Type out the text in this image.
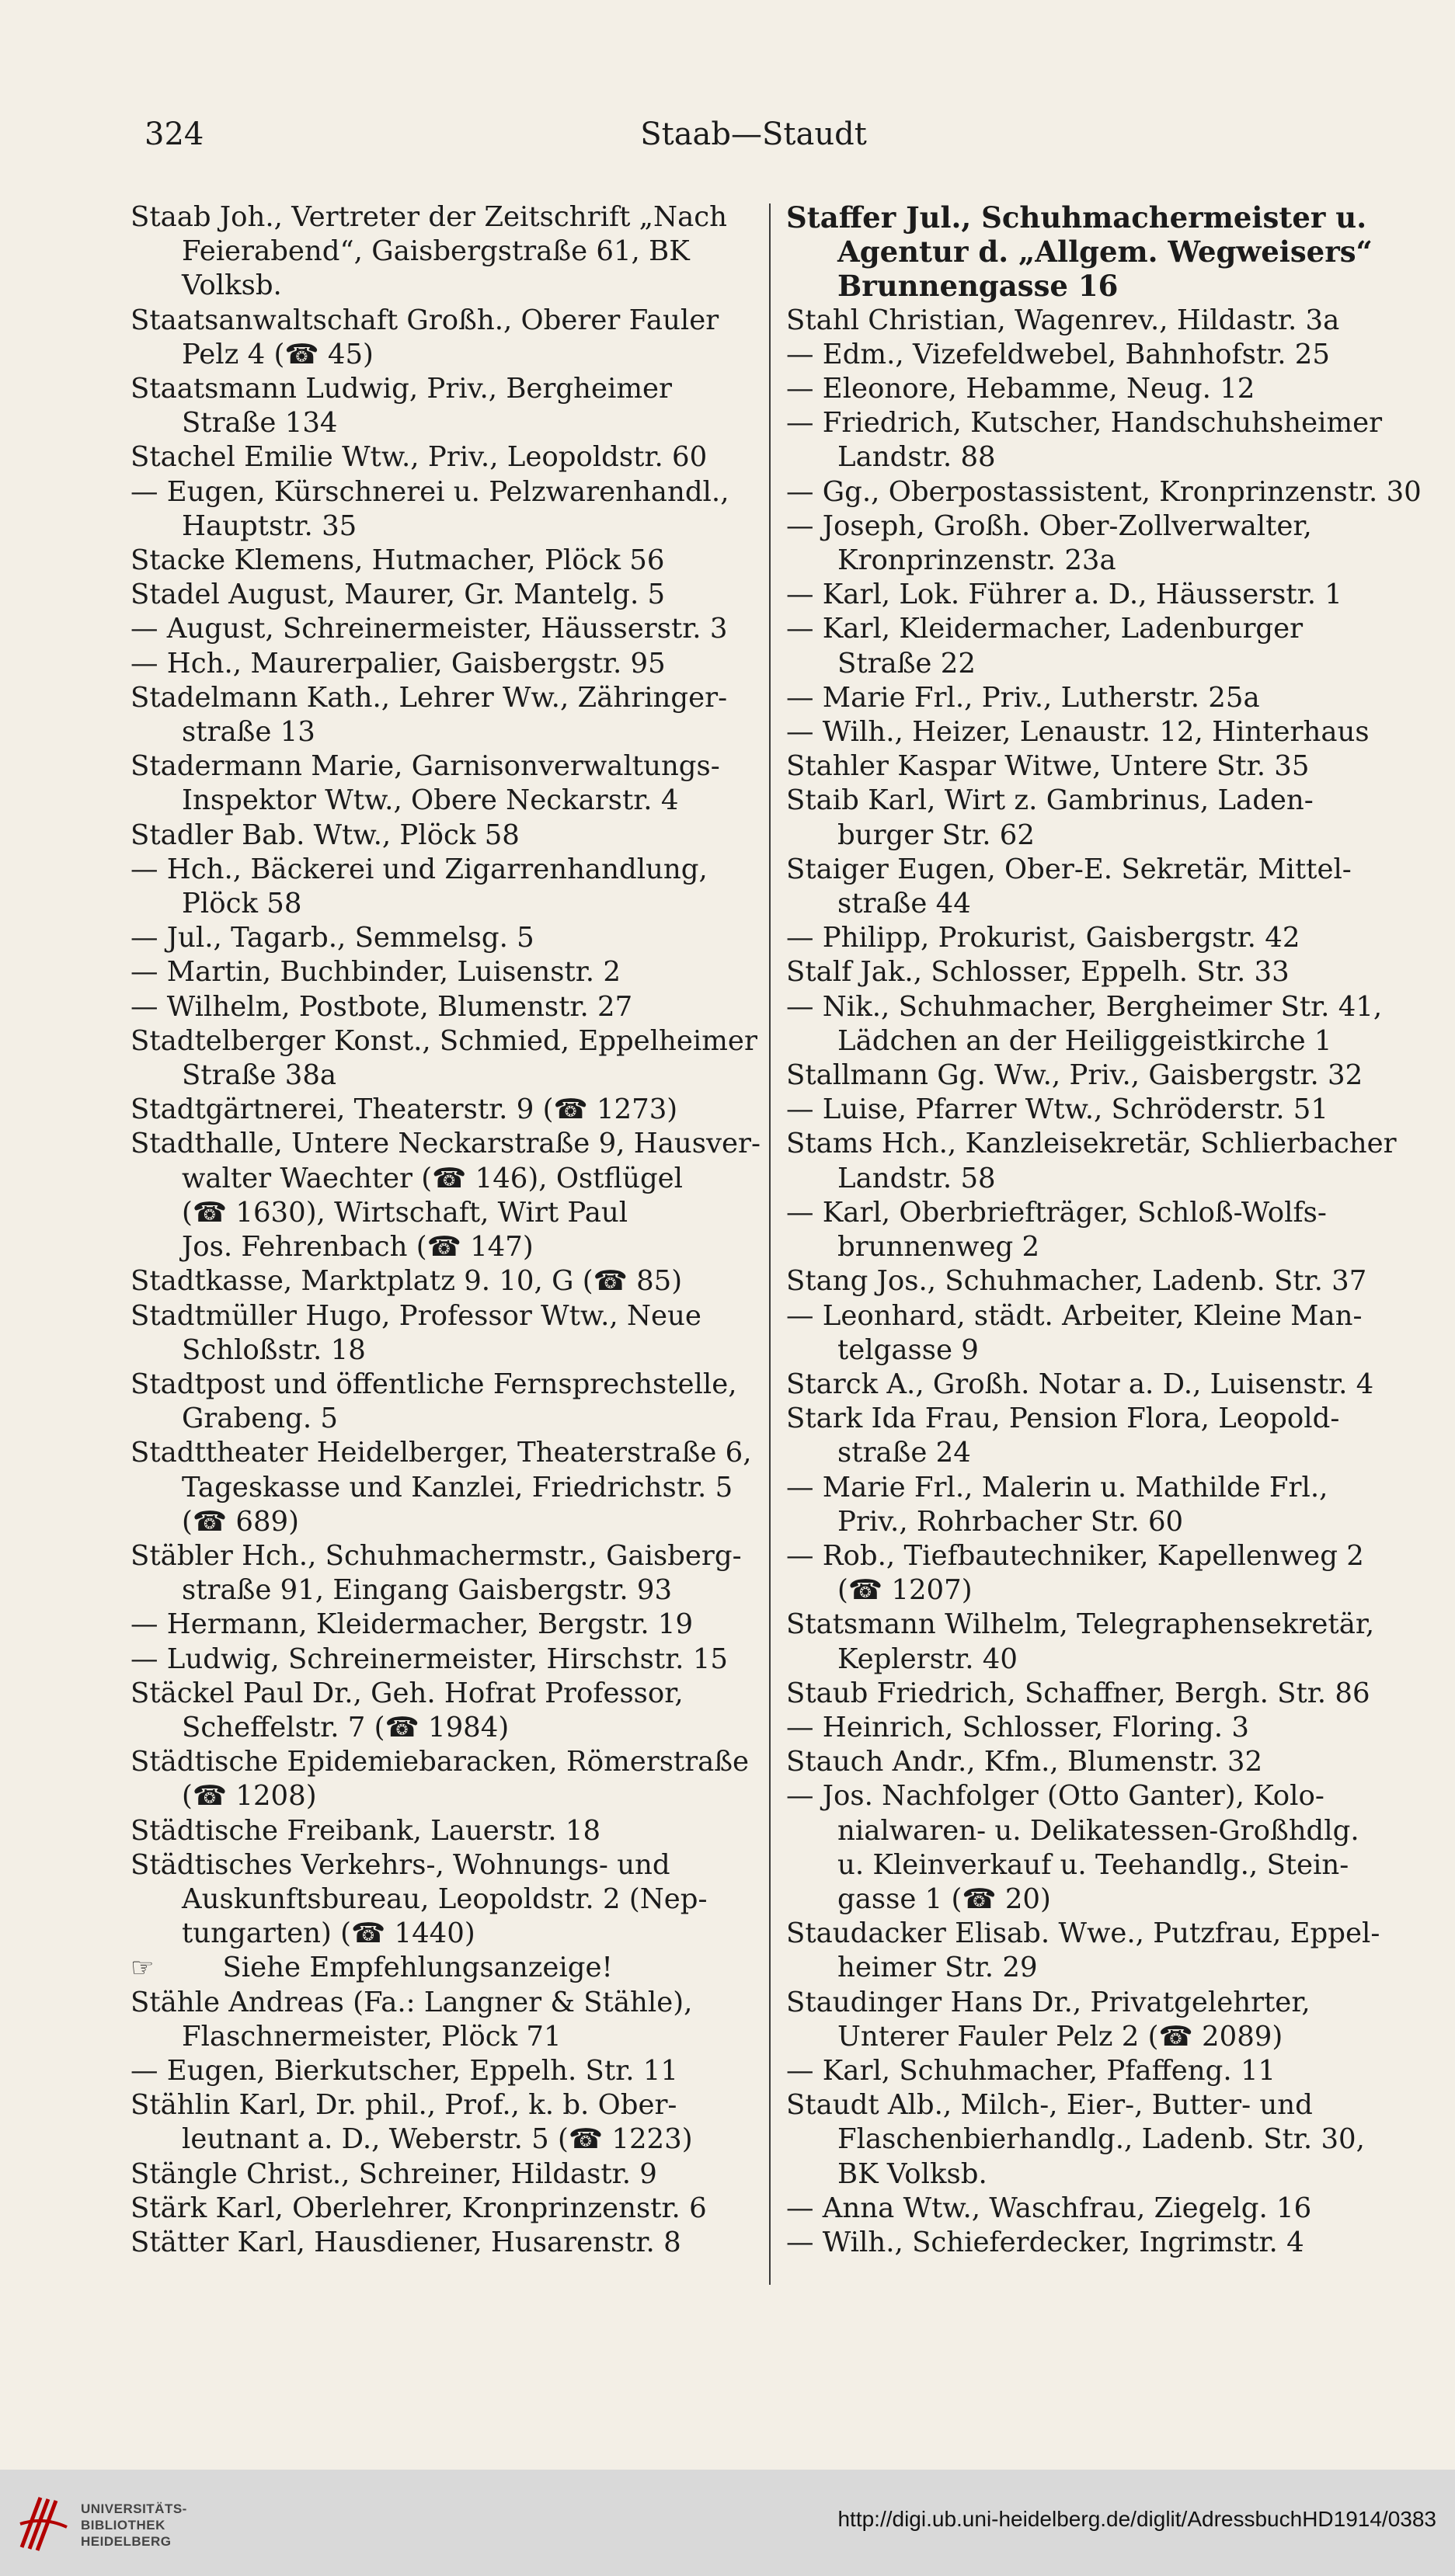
324	Staab—Staudt
Staab Joh., Vertreter der Zeitschrift „Nach
Feierabend“, Gaisbergstraße 61, BK
Volksb.
Staatsanwaltschaft Großh., Oberer Fauler
Pelz 4 (☎ 45)
Staatsmann Ludwig, Priv., Bergheimer
Straße 134
Stachel Emilie Wtw., Priv., Leopoldstr. 60
— Eugen, Kürschnerei u. Pelzwarenhandl.,
Hauptstr. 35
Stacke Klemens, Hutmacher, Plöck 56
Stadel August, Maurer, Gr. Mantelg. 5
— August, Schreinermeister, Häusserstr. 3
— Hch., Maurerpalier, Gaisbergstr. 95
Stadelmann Kath., Lehrer Ww., Zähringer-
straße 13
Stadermann Marie, Garnisonverwaltungs-
Inspektor Wtw., Obere Neckarstr. 4
Stadler Bab. Wtw., Plöck 58
— Hch., Bäckerei und Zigarrenhandlung,
Plöck 58
— Jul., Tagarb., Semmelsg. 5
— Martin, Buchbinder, Luisenstr. 2
— Wilhelm, Postbote, Blumenstr. 27
Stadtelberger Konst., Schmied, Eppelheimer
Straße 38a
Stadtgärtnerei, Theaterstr. 9 (☎ 1273)
Stadthalle, Untere Neckarstraße 9, Hausver-
walter Waechter (☎ 146), Ostflügel
(☎ 1630), Wirtschaft, Wirt Paul
Jos. Fehrenbach (☎ 147)
Stadtkasse, Marktplatz 9. 10, G (☎ 85)
Stadtmüller Hugo, Professor Wtw., Neue
Schloßstr. 18
Stadtpost und öffentliche Fernsprechstelle,
Grabeng. 5
Stadttheater Heidelberger, Theaterstraße 6,
Tageskasse und Kanzlei, Friedrichstr. 5
(☎ 689)
Stäbler Hch., Schuhmachermstr., Gaisberg-
straße 91, Eingang Gaisbergstr. 93
— Hermann, Kleidermacher, Bergstr. 19
— Ludwig, Schreinermeister, Hirschstr. 15
Stäckel Paul Dr., Geh. Hofrat Professor,
Scheffelstr. 7 (☎ 1984)
Städtische Epidemiebaracken, Römerstraße
(☎ 1208)
Städtische Freibank, Lauerstr. 18
Städtisches Verkehrs-, Wohnungs- und
Auskunftsbureau, Leopoldstr. 2 (Nep-
tungarten) (☎ 1440)
☞ Siehe Empfehlungsanzeige!
Stähle Andreas (Fa.: Langner & Stähle),
Flaschnermeister, Plöck 71
— Eugen, Bierkutscher, Eppelh. Str. 11
Stählin Karl, Dr. phil., Prof., k. b. Ober-
leutnant a. D., Weberstr. 5 (☎ 1223)
Stängle Christ., Schreiner, Hildastr. 9
Stärk Karl, Oberlehrer, Kronprinzenstr. 6
Stätter Karl, Hausdiener, Husarenstr. 8
Staffer Jul., Schuhmachermeister u.
Agentur d. „Allgem. Wegweisers“
Brunnengasse 16
Stahl Christian, Wagenrev., Hildastr. 3a
— Edm., Vizefeldwebel, Bahnhofstr. 25
— Eleonore, Hebamme, Neug. 12
— Friedrich, Kutscher, Handschuhsheimer
Landstr. 88
— Gg., Oberpostassistent, Kronprinzenstr. 30
— Joseph, Großh. Ober-Zollverwalter,
Kronprinzenstr. 23a
— Karl, Lok. Führer a. D., Häusserstr. 1
— Karl, Kleidermacher, Ladenburger
Straße 22
— Marie Frl., Priv., Lutherstr. 25a
— Wilh., Heizer, Lenaustr. 12, Hinterhaus
Stahler Kaspar Witwe, Untere Str. 35
Staib Karl, Wirt z. Gambrinus, Laden-
burger Str. 62
Staiger Eugen, Ober-E. Sekretär, Mittel-
straße 44
— Philipp, Prokurist, Gaisbergstr. 42
Stalf Jak., Schlosser, Eppelh. Str. 33
— Nik., Schuhmacher, Bergheimer Str. 41,
Lädchen an der Heiliggeistkirche 1
Stallmann Gg. Ww., Priv., Gaisbergstr. 32
— Luise, Pfarrer Wtw., Schröderstr. 51
Stams Hch., Kanzleisekretär, Schlierbacher
Landstr. 58
— Karl, Oberbriefträger, Schloß-Wolfs-
brunnenweg 2
Stang Jos., Schuhmacher, Ladenb. Str. 37
— Leonhard, städt. Arbeiter, Kleine Man-
telgasse 9
Starck A., Großh. Notar a. D., Luisenstr. 4
Stark Ida Frau, Pension Flora, Leopold-
straße 24
— Marie Frl., Malerin u. Mathilde Frl.,
Priv., Rohrbacher Str. 60
— Rob., Tiefbautechniker, Kapellenweg 2
(☎ 1207)
Statsmann Wilhelm, Telegraphensekretär,
Keplerstr. 40
Staub Friedrich, Schaffner, Bergh. Str. 86
— Heinrich, Schlosser, Floring. 3
Stauch Andr., Kfm., Blumenstr. 32
— Jos. Nachfolger (Otto Ganter), Kolo-
nialwaren- u. Delikatessen-Großhdlg.
u. Kleinverkauf u. Teehandlg., Stein-
gasse 1 (☎ 20)
Staudacker Elisab. Wwe., Putzfrau, Eppel-
heimer Str. 29
Staudinger Hans Dr., Privatgelehrter,
Unterer Fauler Pelz 2 (☎ 2089)
— Karl, Schuhmacher, Pfaffeng. 11
Staudt Alb., Milch-, Eier-, Butter- und
Flaschenbierhandlg., Ladenb. Str. 30,
BK Volksb.
— Anna Wtw., Waschfrau, Ziegelg. 16
— Wilh., Schieferdecker, Ingrimstr. 4
UNIVERSITÄTS-
BIBLIOTHEK
HEIDELBERG
http://digi.ub.uni-heidelberg.de/diglit/AdressbuchHD1914/0383
